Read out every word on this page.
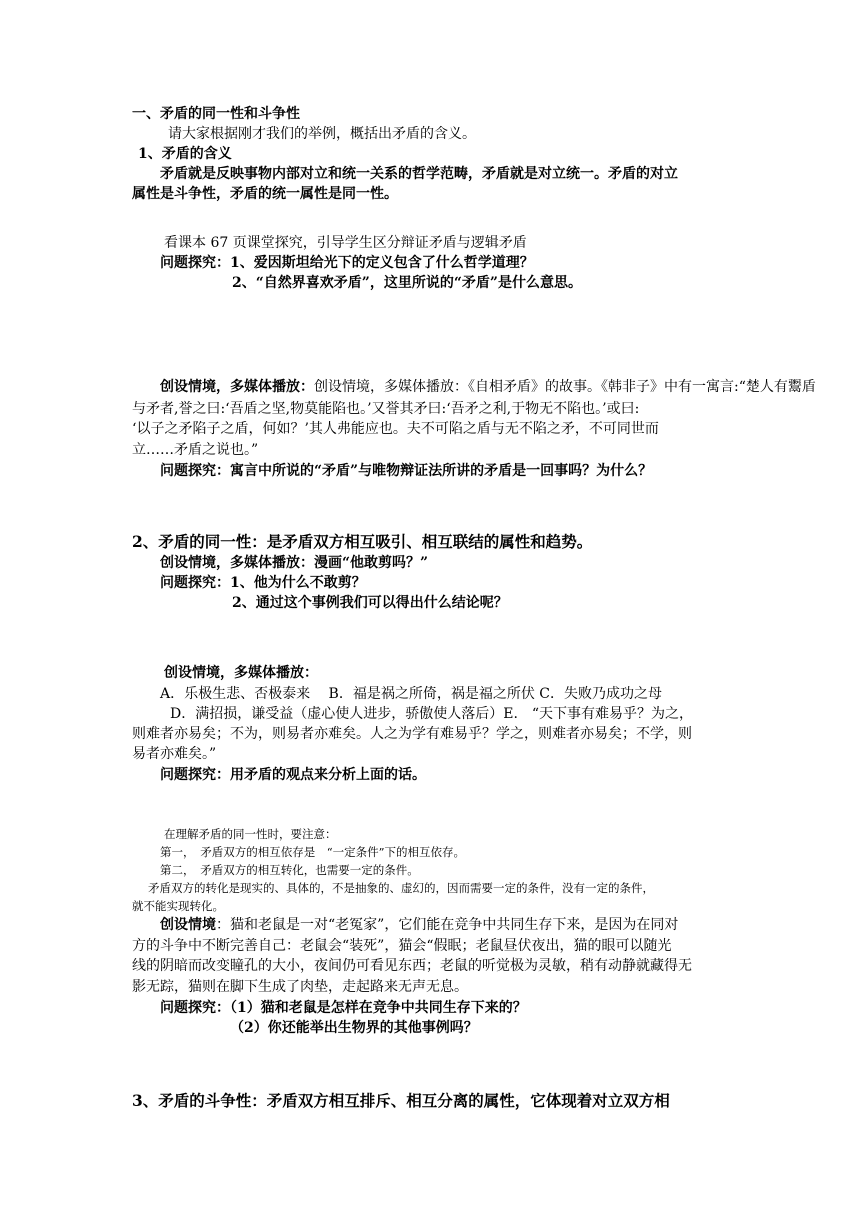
一、矛盾的同一性和斗争性
请大家根据刚才我们的举例，概括出矛盾的含义。
1、矛盾的含义
矛盾就是反映事物内部对立和统一关系的哲学范畴，矛盾就是对立统一。矛盾的对立
属性是斗争性，矛盾的统一属性是同一性。
看课本 67 页课堂探究，引导学生区分辩证矛盾与逻辑矛盾
问题探究：1、爱因斯坦给光下的定义包含了什么哲学道理？
2、“自然界喜欢矛盾”，这里所说的“矛盾”是什么意思。
创设情境，多媒体播放：创设情境，多媒体播放：《自相矛盾》的故事。《韩非子》中有一寓言:“楚人有鬻盾
与矛者,誉之曰:‘吾盾之坚,物莫能陷也。’又誉其矛曰:‘吾矛之利,于物无不陷也。’或曰:
‘以子之矛陷子之盾，何如？’其人弗能应也。夫不可陷之盾与无不陷之矛，不可同世而
立……矛盾之说也。”
问题探究：寓言中所说的“矛盾”与唯物辩证法所讲的矛盾是一回事吗？为什么？
2、矛盾的同一性：是矛盾双方相互吸引、相互联结的属性和趋势。
创设情境，多媒体播放：漫画“他敢剪吗？”
问题探究：1、他为什么不敢剪？
2、通过这个事例我们可以得出什么结论呢？
创设情境，多媒体播放：
A．乐极生悲、否极泰来　 B．福是祸之所倚，祸是福之所伏 C．失败乃成功之母
D．满招损，谦受益（虚心使人进步，骄傲使人落后）E.　“天下事有难易乎？为之，
则难者亦易矣；不为，则易者亦难矣。人之为学有难易乎？学之，则难者亦易矣；不学，则
易者亦难矣。”
问题探究：用矛盾的观点来分析上面的话。
在理解矛盾的同一性时，要注意：
第一，　矛盾双方的相互依存是　“一定条件”下的相互依存。
第二，　矛盾双方的相互转化，也需要一定的条件。
矛盾双方的转化是现实的、具体的，不是抽象的、虚幻的，因而需要一定的条件，没有一定的条件，
就不能实现转化。
创设情境：猫和老鼠是一对“老冤家”，它们能在竞争中共同生存下来，是因为在同对
方的斗争中不断完善自己：老鼠会“装死”，猫会“假眠；老鼠昼伏夜出，猫的眼可以随光
线的阴暗而改变瞳孔的大小，夜间仍可看见东西；老鼠的听觉极为灵敏，稍有动静就藏得无
影无踪，猫则在脚下生成了肉垫，走起路来无声无息。
问题探究：（1）猫和老鼠是怎样在竞争中共同生存下来的？
（2）你还能举出生物界的其他事例吗？
3、矛盾的斗争性：矛盾双方相互排斥、相互分离的属性，它体现着对立双方相
